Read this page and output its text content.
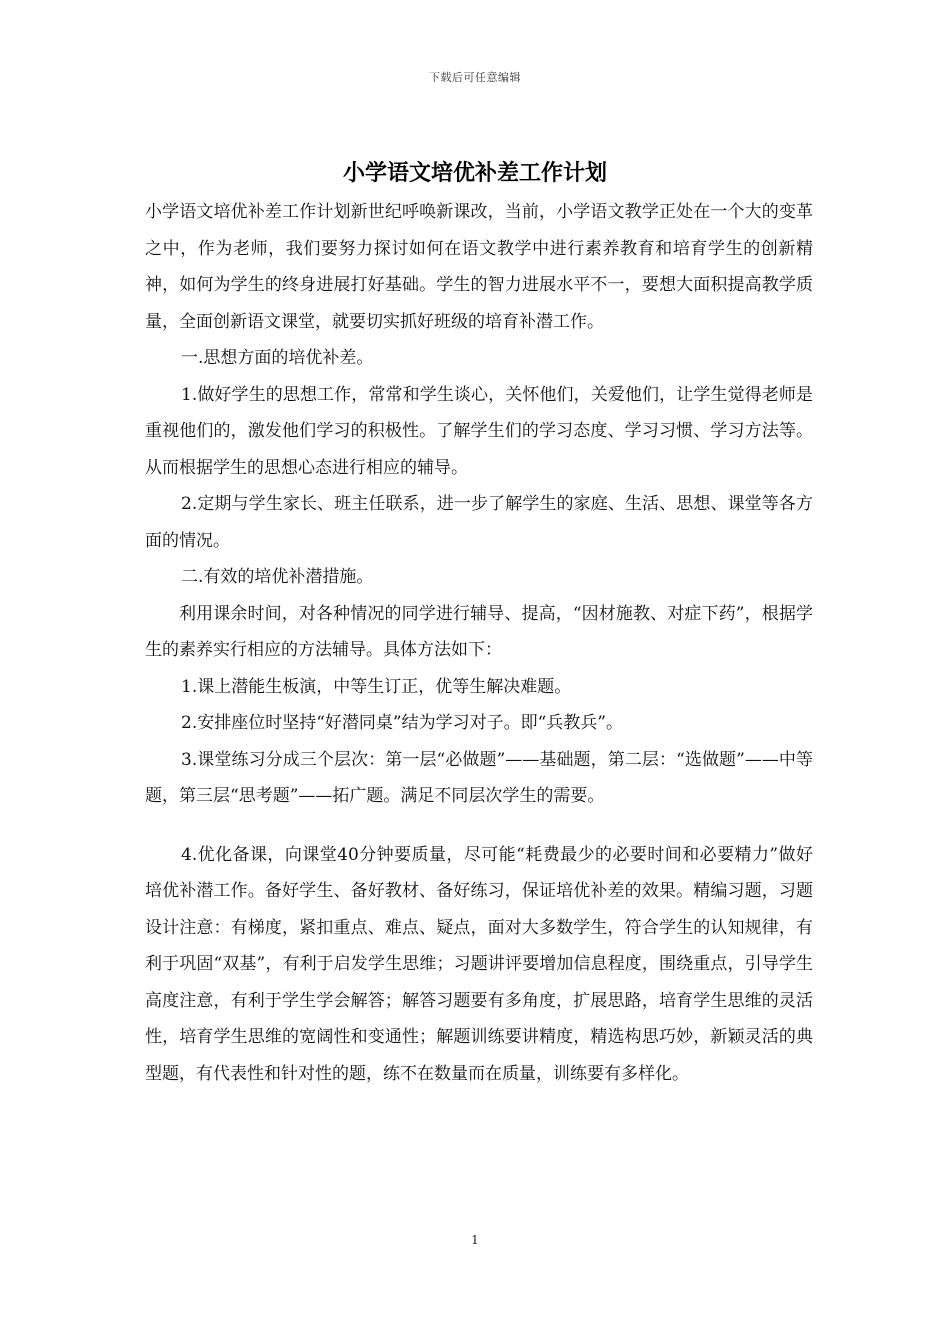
下载后可任意编辑
小学语文培优补差工作计划

小学语文培优补差工作计划新世纪呼唤新课改，当前，小学语文教学正处在一个大的变革之中，作为老师，我们要努力探讨如何在语文教学中进行素养教育和培育学生的创新精神，如何为学生的终身进展打好基础。学生的智力进展水平不一，要想大面积提高教学质量，全面创新语文课堂，就要切实抓好班级的培育补潜工作。

一.思想方面的培优补差。

1.做好学生的思想工作，常常和学生谈心，关怀他们，关爱他们，让学生觉得老师是重视他们的，激发他们学习的积极性。了解学生们的学习态度、学习习惯、学习方法等。从而根据学生的思想心态进行相应的辅导。

2.定期与学生家长、班主任联系，进一步了解学生的家庭、生活、思想、课堂等各方面的情况。

二.有效的培优补潜措施。

利用课余时间，对各种情况的同学进行辅导、提高，“因材施教、对症下药”，根据学生的素养实行相应的方法辅导。具体方法如下：

1.课上潜能生板演，中等生订正，优等生解决难题。

2.安排座位时坚持“好潜同桌”结为学习对子。即“兵教兵”。

3.课堂练习分成三个层次：第一层“必做题”——基础题，第二层：“选做题”——中等题，第三层“思考题”——拓广题。满足不同层次学生的需要。

4.优化备课，向课堂40分钟要质量，尽可能“耗费最少的必要时间和必要精力”做好培优补潜工作。备好学生、备好教材、备好练习，保证培优补差的效果。精编习题，习题设计注意：有梯度，紧扣重点、难点、疑点，面对大多数学生，符合学生的认知规律，有利于巩固“双基”，有利于启发学生思维；习题讲评要增加信息程度，围绕重点，引导学生高度注意，有利于学生学会解答；解答习题要有多角度，扩展思路，培育学生思维的灵活性，培育学生思维的宽阔性和变通性；解题训练要讲精度，精选构思巧妙，新颖灵活的典型题，有代表性和针对性的题，练不在数量而在质量，训练要有多样化。

1
